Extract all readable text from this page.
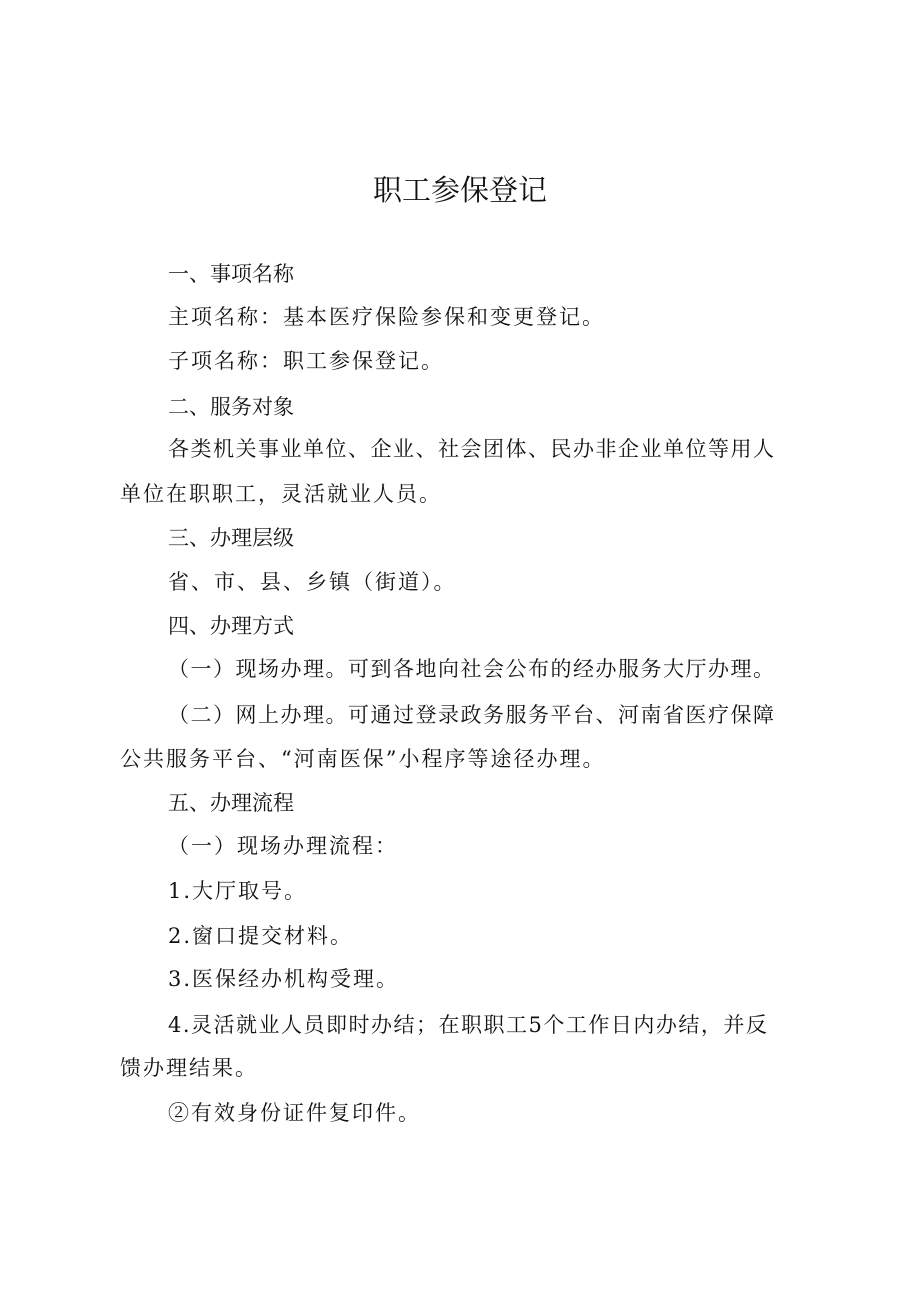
职工参保登记
一、事项名称
主项名称：基本医疗保险参保和变更登记。
子项名称：职工参保登记。
二、服务对象
各类机关事业单位、企业、社会团体、民办非企业单位等用人
单位在职职工，灵活就业人员。
三、办理层级
省、市、县、乡镇（街道）。
四、办理方式
（一）现场办理。可到各地向社会公布的经办服务大厅办理。
（二）网上办理。可通过登录政务服务平台、河南省医疗保障
公共服务平台、“河南医保”小程序等途径办理。
五、办理流程
（一）现场办理流程：
1.大厅取号。
2.窗口提交材料。
3.医保经办机构受理。
4.灵活就业人员即时办结；在职职工5个工作日内办结，并反
馈办理结果。
②有效身份证件复印件。
